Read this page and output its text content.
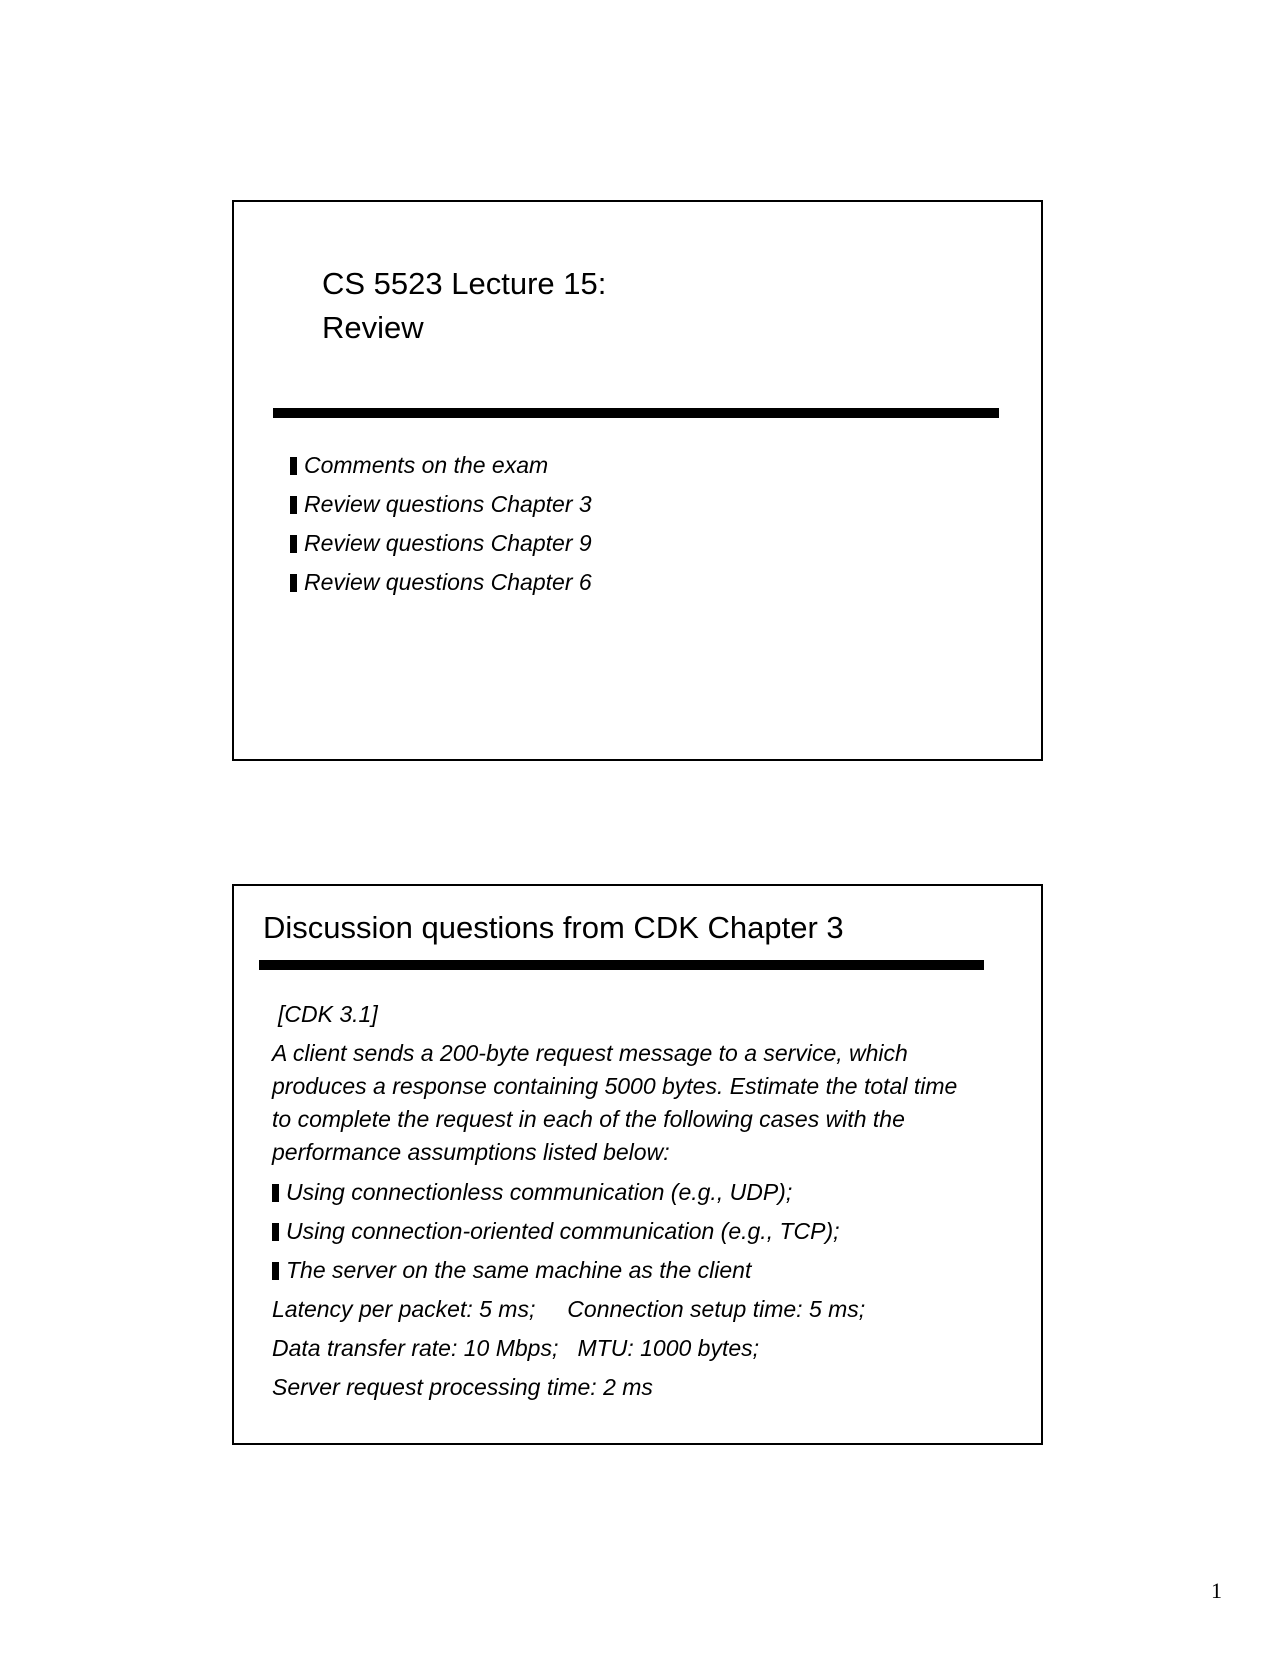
CS 5523 Lecture 15:
Review
Comments on the exam
Review questions Chapter 3
Review questions Chapter 9
Review questions Chapter 6
Discussion questions from CDK Chapter 3

[CDK 3.1]

A client sends a 200-byte request message to a service, which produces a response containing 5000 bytes. Estimate the total time to complete the request in each of the following cases with the performance assumptions listed below:

Using connectionless communication (e.g., UDP);
Using connection-oriented communication (e.g., TCP);
The server on the same machine as the client

Latency per packet: 5 ms;     Connection setup time: 5 ms;

Data transfer rate: 10 Mbps;   MTU: 1000 bytes;

Server request processing time: 2 ms

1
